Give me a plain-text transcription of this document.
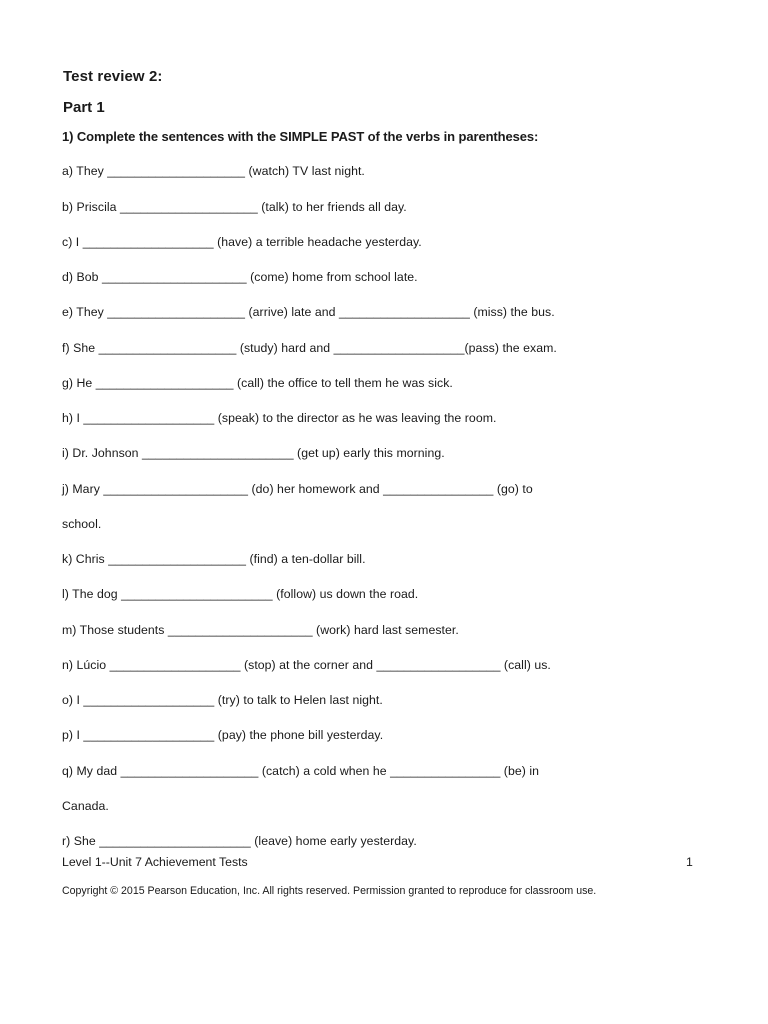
Test review 2:
Part 1
1) Complete the sentences with the SIMPLE PAST of the verbs in parentheses:
a) They ____________________ (watch) TV last night.
b) Priscila ____________________ (talk) to her friends all day.
c) I ___________________ (have) a terrible headache yesterday.
d) Bob _____________________ (come) home from school late.
e) They ____________________ (arrive) late and ___________________ (miss) the bus.
f) She ____________________ (study) hard and ___________________(pass) the exam.
g) He ____________________ (call) the office to tell them he was sick.
h) I ___________________ (speak) to the director as he was leaving the room.
i) Dr. Johnson ______________________ (get up) early this morning.
j) Mary _____________________ (do) her homework and ________________ (go) to
school.
k) Chris ____________________ (find) a ten-dollar bill.
l) The dog ______________________ (follow) us down the road.
m) Those students _____________________ (work) hard last semester.
n) Lúcio ___________________ (stop) at the corner and __________________ (call) us.
o) I ___________________ (try) to talk to Helen last night.
p) I ___________________ (pay) the phone bill yesterday.
q) My dad ____________________ (catch) a cold when he ________________ (be) in
Canada.
r) She ______________________ (leave) home early yesterday.
Level 1--Unit 7 Achievement Tests	1
Copyright © 2015 Pearson Education, Inc. All rights reserved. Permission granted to reproduce for classroom use.
